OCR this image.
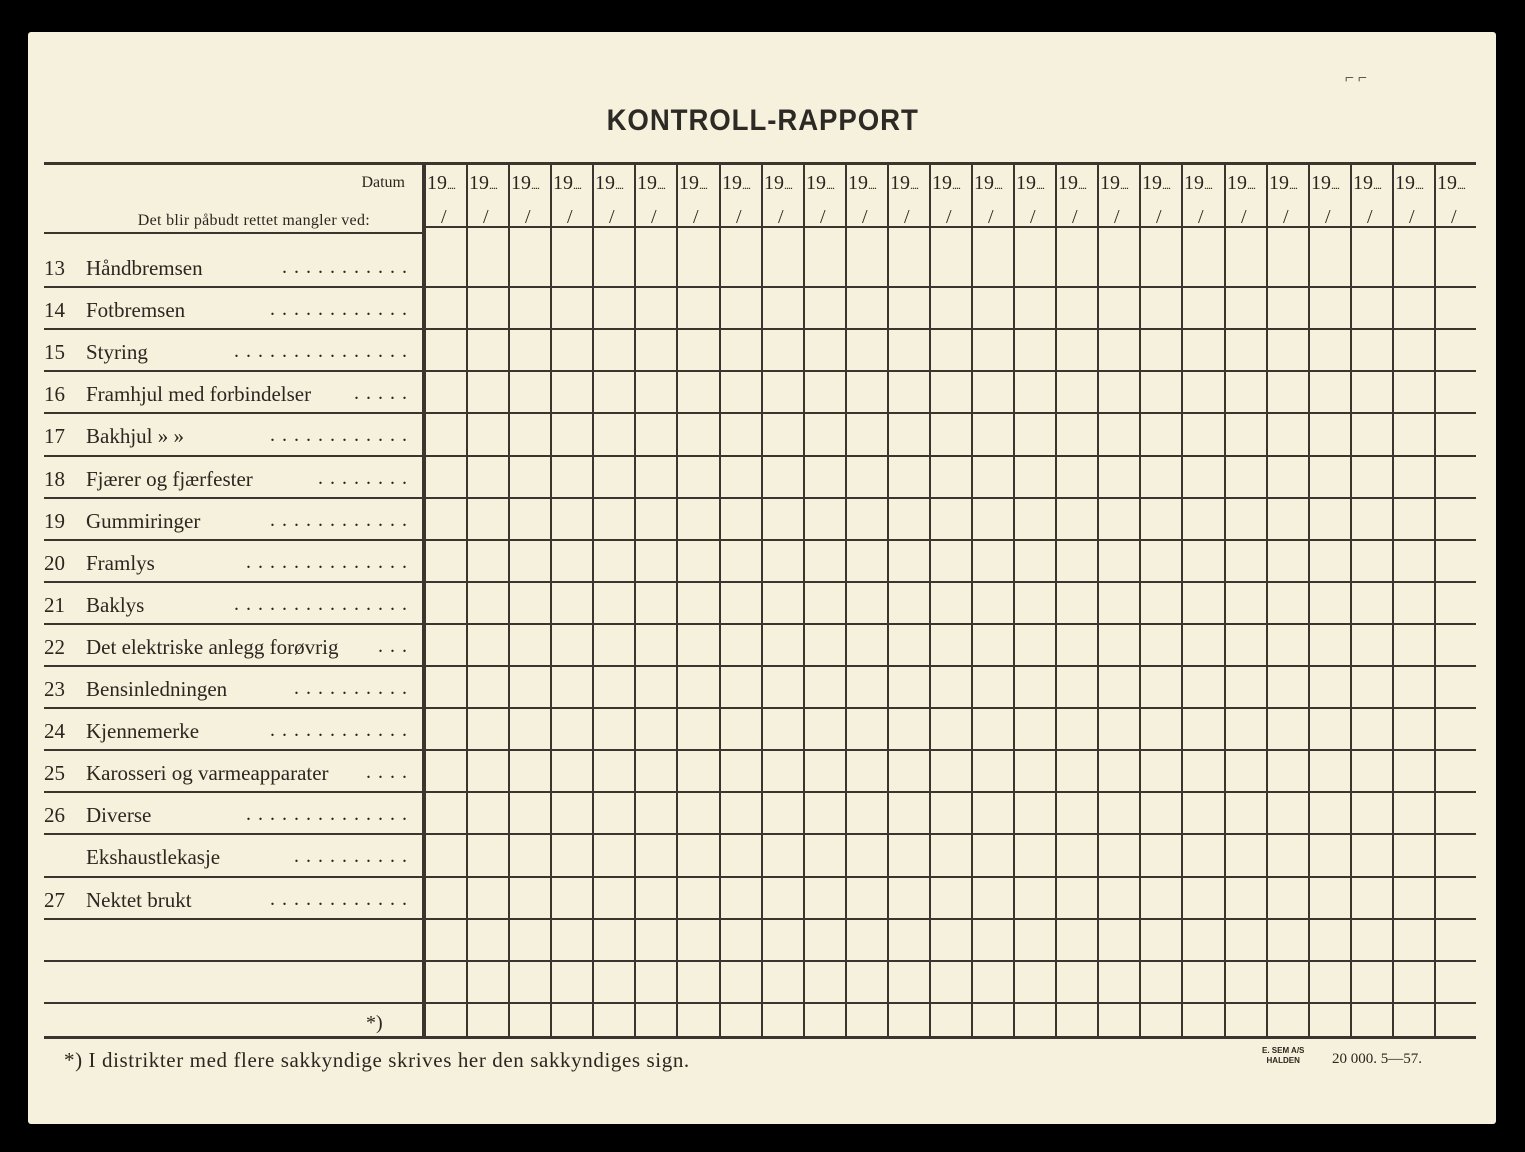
KONTROLL-RAPPORT
Datum
Det blir påbudt rettet mangler ved:
19....
/
19....
/
19....
/
19....
/
19....
/
19....
/
19....
/
19....
/
19....
/
19....
/
19....
/
19....
/
19....
/
19....
/
19....
/
19....
/
19....
/
19....
/
19....
/
19....
/
19....
/
19....
/
19....
/
19....
/
19....
/
13	Håndbremsen	...........
14	Fotbremsen	............
15	Styring	...............
16	Framhjul med forbindelser .....
17	Bakhjul » »	............
18	Fjærer og fjærfester	........
19	Gummiringer	............
20	Framlys	..............
21	Baklys	...............
22	Det elektriske anlegg forøvrig ...
23	Bensinledningen	..........
24	Kjennemerke	............
25	Karosseri og varmeapparater ....
26	Diverse	..............
Ekshaustlekasje	..........
27	Nektet brukt	............
*)
*) I distrikter med flere sakkyndige skrives her den sakkyndiges sign.	E. SEM A/S
HALDEN	20 000. 5—57.
⌐ ⌐
